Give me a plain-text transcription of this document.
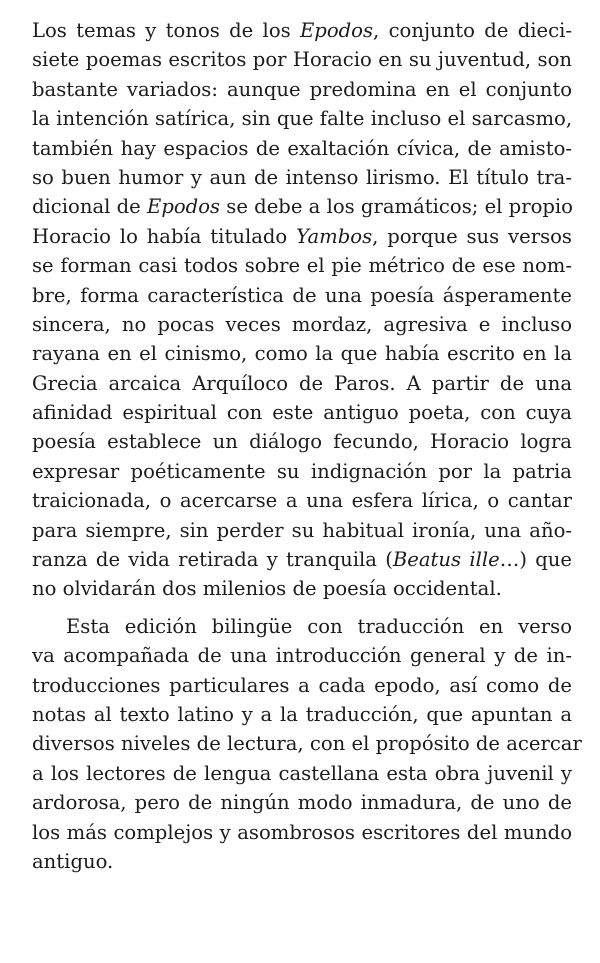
Los temas y tonos de los Epodos, conjunto de dieci-
siete poemas escritos por Horacio en su juventud, son
bastante variados: aunque predomina en el conjunto
la intención satírica, sin que falte incluso el sarcasmo,
también hay espacios de exaltación cívica, de amisto-
so buen humor y aun de intenso lirismo. El título tra-
dicional de Epodos se debe a los gramáticos; el propio
Horacio lo había titulado Yambos, porque sus versos
se forman casi todos sobre el pie métrico de ese nom-
bre, forma característica de una poesía ásperamente
sincera, no pocas veces mordaz, agresiva e incluso
rayana en el cinismo, como la que había escrito en la
Grecia arcaica Arquíloco de Paros. A partir de una
afinidad espiritual con este antiguo poeta, con cuya
poesía establece un diálogo fecundo, Horacio logra
expresar poéticamente su indignación por la patria
traicionada, o acercarse a una esfera lírica, o cantar
para siempre, sin perder su habitual ironía, una año-
ranza de vida retirada y tranquila (Beatus ille…) que
no olvidarán dos milenios de poesía occidental.
Esta edición bilingüe con traducción en verso
va acompañada de una introducción general y de in-
troducciones particulares a cada epodo, así como de
notas al texto latino y a la traducción, que apuntan a
diversos niveles de lectura, con el propósito de acercar
a los lectores de lengua castellana esta obra juvenil y
ardorosa, pero de ningún modo inmadura, de uno de
los más complejos y asombrosos escritores del mundo
antiguo.
